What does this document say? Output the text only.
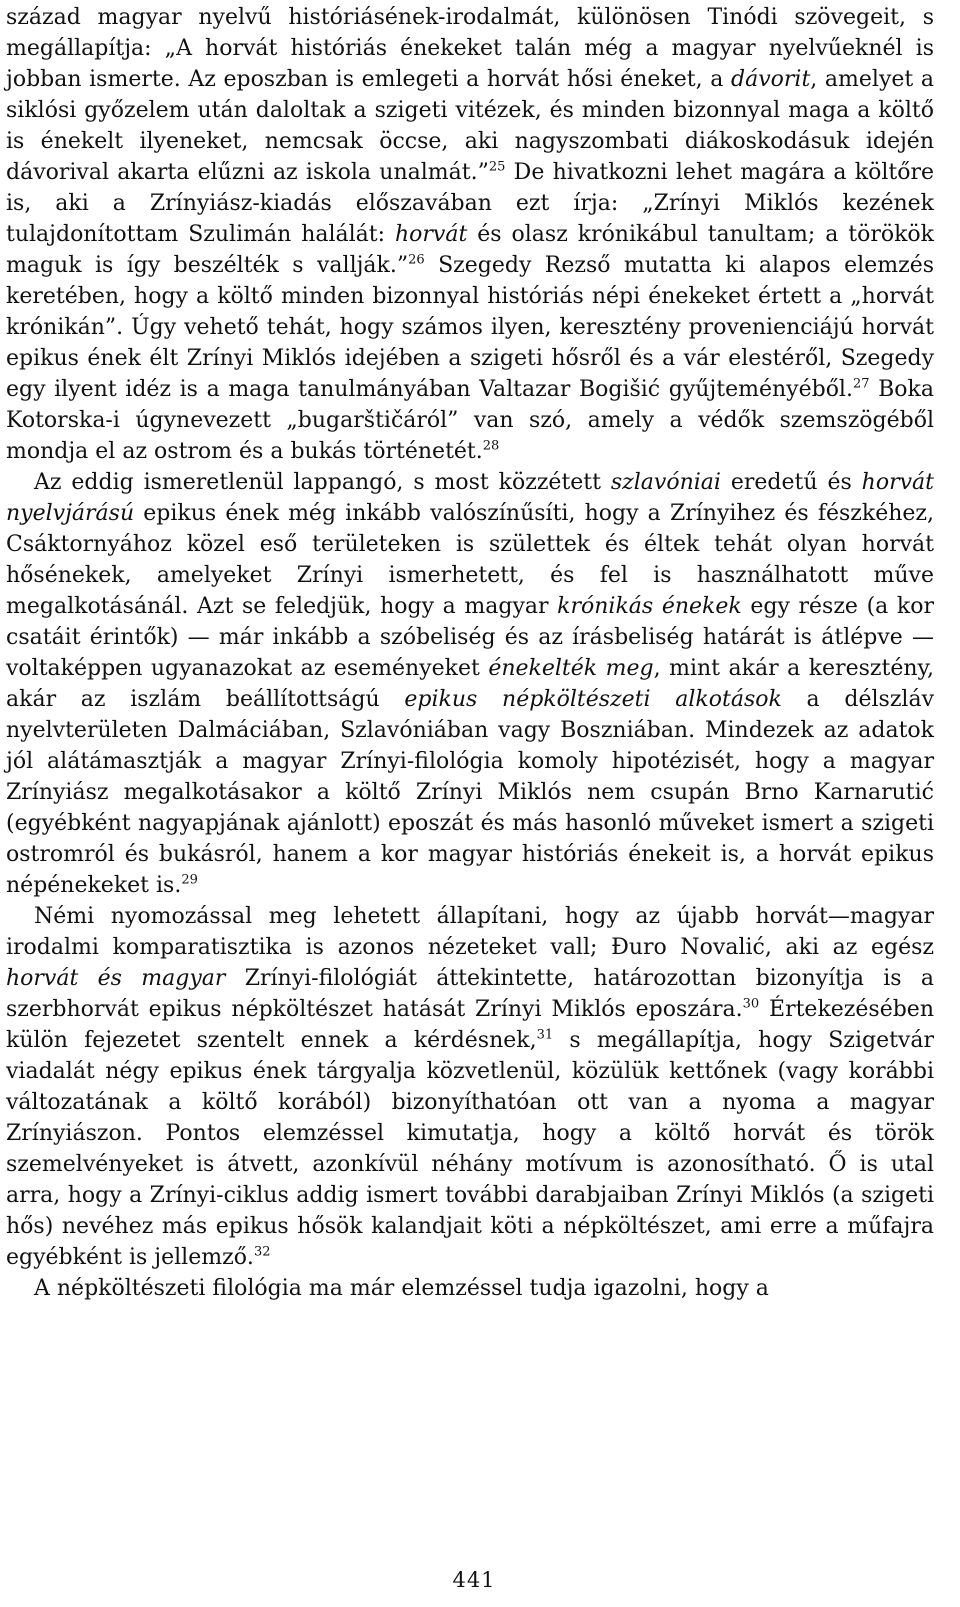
század magyar nyelvű históriásének-irodalmát, különösen Tinódi szövegeit, s megállapítja: „A horvát históriás énekeket talán még a magyar nyelvűeknél is jobban ismerte. Az eposzban is emlegeti a horvát hősi éneket, a dávorit, amelyet a siklósi győzelem után daloltak a szigeti vitézek, és minden bizonnyal maga a költő is énekelt ilyeneket, nemcsak öccse, aki nagyszombati diákoskodásuk idején dávorival akarta elűzni az iskola unalmát.”$^{25}$ De hivatkozni lehet magára a költőre is, aki a Zrínyiász-kiadás előszavában ezt írja: „Zrínyi Miklós kezének tulajdonítottam Szulimán halálát: horvát és olasz krónikábul tanultam; a törökök maguk is így beszélték s vallják.”$^{26}$ Szegedy Rezső mutatta ki alapos elemzés keretében, hogy a költő minden bizonnyal históriás népi énekeket értett a „horvát krónikán”. Úgy vehető tehát, hogy számos ilyen, keresztény provenienciájú horvát epikus ének élt Zrínyi Miklós idejében a szigeti hősről és a vár elestéről, Szegedy egy ilyent idéz is a maga tanulmányában Valtazar Bogišić gyűjteményéből.$^{27}$ Boka Kotorska-i úgynevezett „bugarštičáról” van szó, amely a védők szemszögéből mondja el az ostrom és a bukás történetét.$^{28}$

Az eddig ismeretlenül lappangó, s most közzétett szlavóniai eredetű és horvát nyelvjárású epikus ének még inkább valószínűsíti, hogy a Zrínyihez és fészkéhez, Csáktornyához közel eső területeken is születtek és éltek tehát olyan horvát hősénekek, amelyeket Zrínyi ismerhetett, és fel is használhatott műve megalkotásánál. Azt se feledjük, hogy a magyar krónikás énekek egy része (a kor csatáit érintők) — már inkább a szóbeliség és az írásbeliség határát is átlépve — voltaképpen ugyanazokat az eseményeket énekelték meg, mint akár a keresztény, akár az iszlám beállítottságú epikus népköltészeti alkotások a délszláv nyelvterületen Dalmáciában, Szlavóniában vagy Boszniában. Mindezek az adatok jól alátámasztják a magyar Zrínyi-filológia komoly hipotézisét, hogy a magyar Zrínyiász megalkotásakor a költő Zrínyi Miklós nem csupán Brno Karnarutić (egyébként nagyapjának ajánlott) eposzát és más hasonló műveket ismert a szigeti ostromról és bukásról, hanem a kor magyar históriás énekeit is, a horvát epikus népénekeket is.$^{29}$

Némi nyomozással meg lehetett állapítani, hogy az újabb horvát—magyar irodalmi komparatisztika is azonos nézeteket vall; Đuro Novalić, aki az egész horvát és magyar Zrínyi-filológiát áttekintette, határozottan bizonyítja is a szerbhorvát epikus népköltészet hatását Zrínyi Miklós eposzára.$^{30}$ Értekezésében külön fejezetet szentelt ennek a kérdésnek,$^{31}$ s megállapítja, hogy Szigetvár viadalát négy epikus ének tárgyalja közvetlenül, közülük kettőnek (vagy korábbi változatának a költő korából) bizonyíthatóan ott van a nyoma a magyar Zrínyiászon. Pontos elemzéssel kimutatja, hogy a költő horvát és török szemelvényeket is átvett, azonkívül néhány motívum is azonosítható. Ő is utal arra, hogy a Zrínyi-ciklus addig ismert további darabjaiban Zrínyi Miklós (a szigeti hős) nevéhez más epikus hősök kalandjait köti a népköltészet, ami erre a műfajra egyébként is jellemző.$^{32}$

A népköltészeti filológia ma már elemzéssel tudja igazolni, hogy a

441
